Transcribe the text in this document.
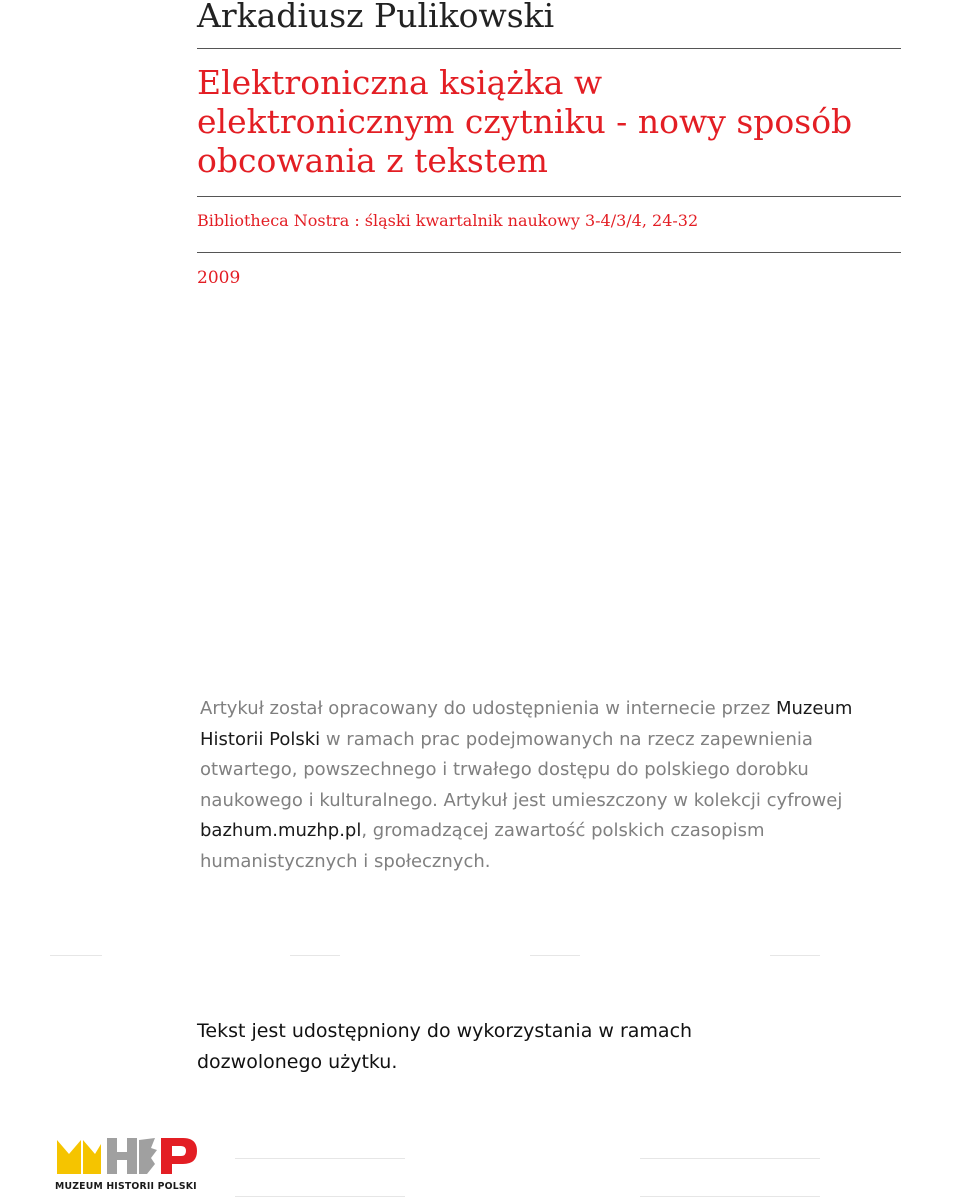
Arkadiusz Pulikowski
Elektroniczna książka w elektronicznym czytniku - nowy sposób obcowania z tekstem
Bibliotheca Nostra : śląski kwartalnik naukowy 3-4/3/4, 24-32
2009

Artykuł został opracowany do udostępnienia w internecie przez Muzeum Historii Polski w ramach prac podejmowanych na rzecz zapewnienia otwartego, powszechnego i trwałego dostępu do polskiego dorobku naukowego i kulturalnego. Artykuł jest umieszczony w kolekcji cyfrowej bazhum.muzhp.pl, gromadzącej zawartość polskich czasopism humanistycznych i społecznych.

Tekst jest udostępniony do wykorzystania w ramach dozwolonego użytku.

MUZEUM HISTORII POLSKI
